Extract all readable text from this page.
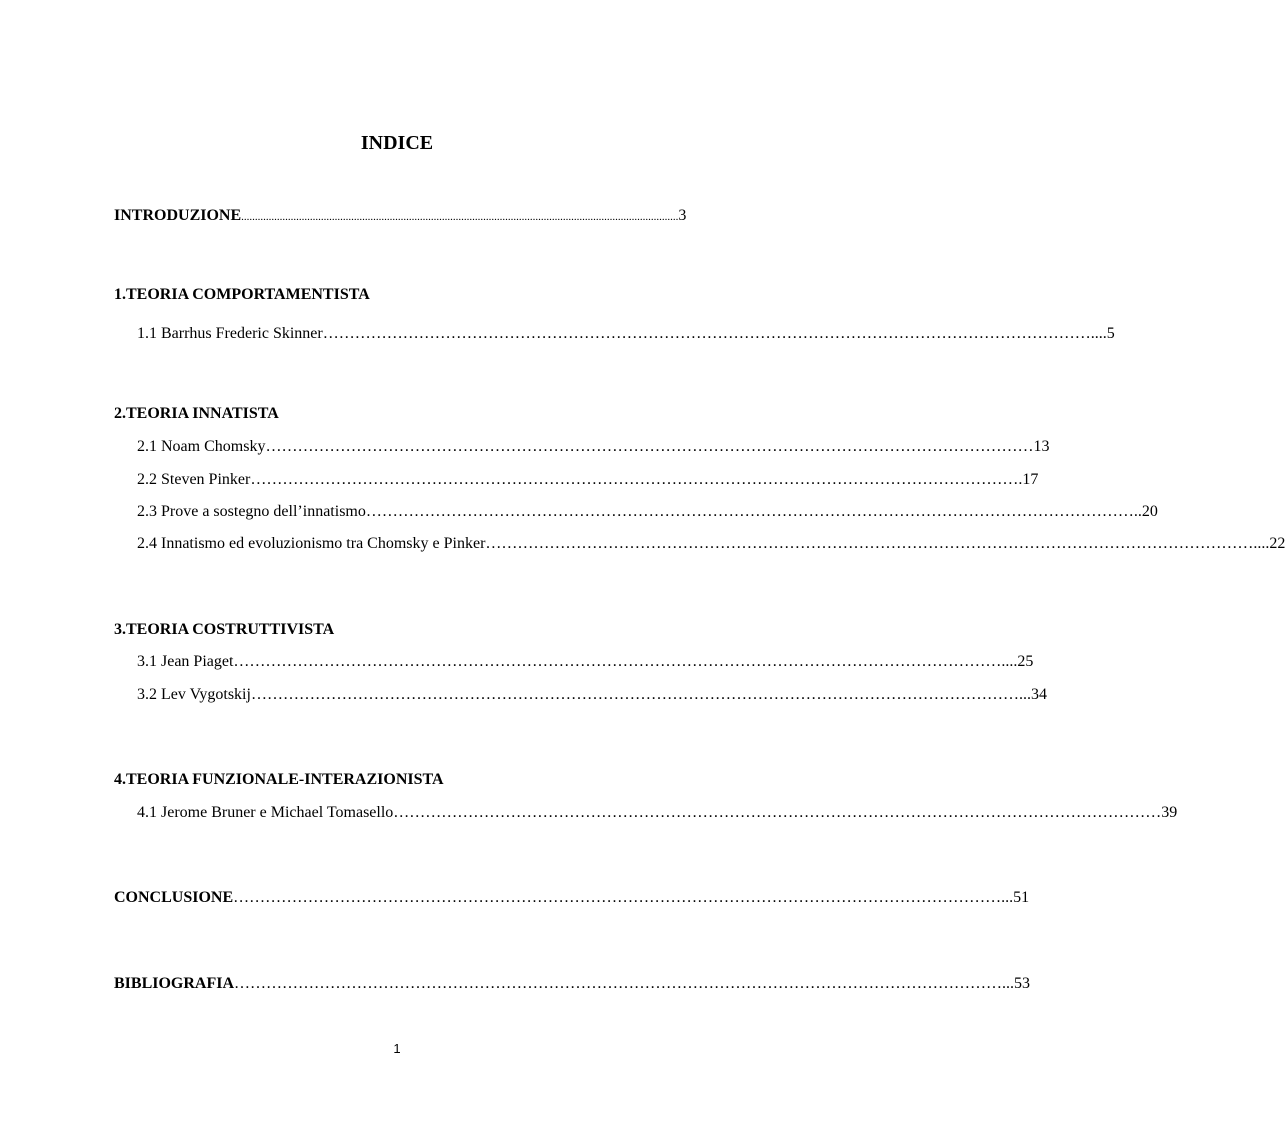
INDICE
INTRODUZIONE ............................................................................................................................................................... 3
1.TEORIA COMPORTAMENTISTA
1.1 Barrhus Frederic Skinner ……………………………………………………………………………………………………………………………… ....5
2.TEORIA INNATISTA
2.1 Noam Chomsky ……………………………………………………………………………………………………………………………… 13
2.2 Steven Pinker ……………………………………………………………………………………………………………………………… .17
2.3 Prove a sostegno dell’innatismo ……………………………………………………………………………………………………………………………… ..20
2.4 Innatismo ed evoluzionismo tra Chomsky e Pinker ……………………………………………………………………………………………………………………………… ....22
3.TEORIA COSTRUTTIVISTA
3.1 Jean Piaget ……………………………………………………………………………………………………………………………… ....25
3.2 Lev Vygotskij ……………………………………………………………………………………………………………………………… ...34
4.TEORIA FUNZIONALE-INTERAZIONISTA
4.1 Jerome Bruner e Michael Tomasello ……………………………………………………………………………………………………………………………… 39
CONCLUSIONE ……………………………………………………………………………………………………………………………… ...51
BIBLIOGRAFIA ……………………………………………………………………………………………………………………………… ...53
1
